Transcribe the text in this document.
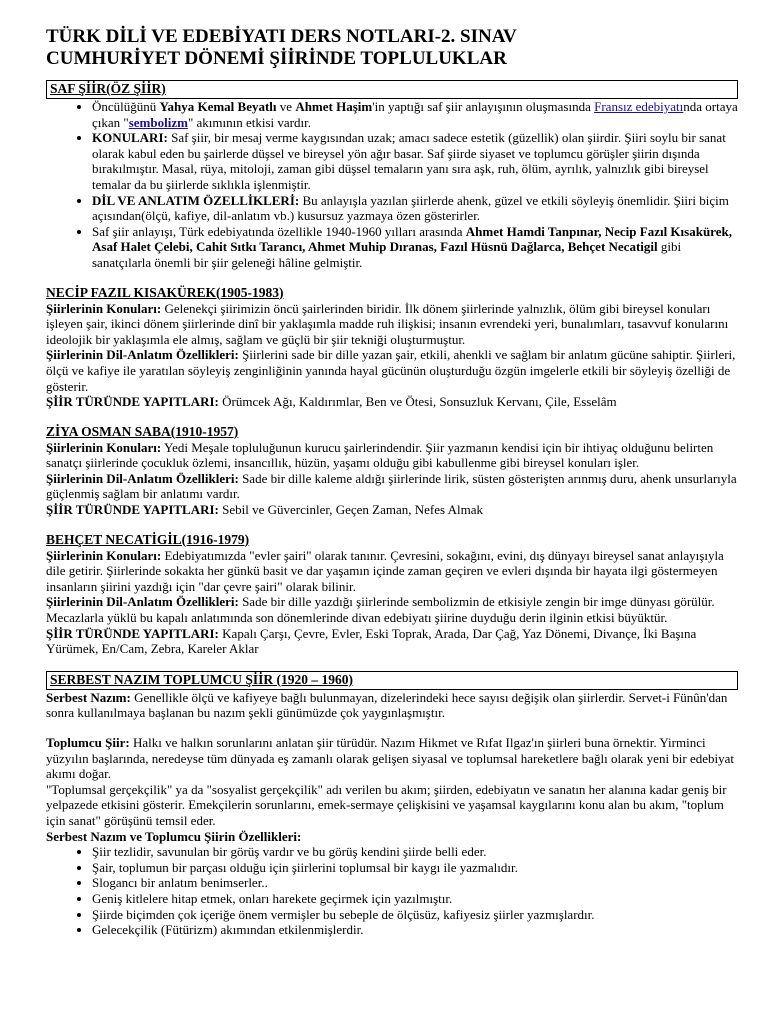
TÜRK DİLİ VE EDEBİYATI DERS NOTLARI-2. SINAV

CUMHURİYET DÖNEMİ ŞİİRİNDE TOPLULUKLAR

SAF ŞİİR(ÖZ ŞİİR)
• Öncülüğünü Yahya Kemal Beyatlı ve Ahmet Haşim'in yaptığı saf şiir anlayışının oluşmasında Fransız edebiyatında ortaya çıkan "sembolizm" akımının etkisi vardır.
• KONULARI: Saf şiir, bir mesaj verme kaygısından uzak; amacı sadece estetik (güzellik) olan şiirdir. Şiiri soylu bir sanat olarak kabul eden bu şairlerde düşsel ve bireysel yön ağır basar. Saf şiirde siyaset ve toplumcu görüşler şiirin dışında bırakılmıştır. Masal, rüya, mitoloji, zaman gibi düşsel temaların yanı sıra aşk, ruh, ölüm, ayrılık, yalnızlık gibi bireysel temalar da bu şiirlerde sıklıkla işlenmiştir.
• DİL VE ANLATIM ÖZELLİKLERİ: Bu anlayışla yazılan şiirlerde ahenk, güzel ve etkili söyleyiş önemlidir. Şiiri biçim açısından(ölçü, kafiye, dil-anlatım vb.) kusursuz yazmaya özen gösterirler.
• Saf şiir anlayışı, Türk edebiyatında özellikle 1940-1960 yılları arasında Ahmet Hamdi Tanpınar, Necip Fazıl Kısakürek, Asaf Halet Çelebi, Cahit Sıtkı Tarancı, Ahmet Muhip Dıranas, Fazıl Hüsnü Dağlarca, Behçet Necatigil gibi sanatçılarla önemli bir şiir geleneği hâline gelmiştir.

NECİP FAZIL KISAKÜREK(1905-1983)

Şiirlerinin Konuları: Gelenekçi şiirimizin öncü şairlerinden biridir. İlk dönem şiirlerinde yalnızlık, ölüm gibi bireysel konuları işleyen şair, ikinci dönem şiirlerinde dinî bir yaklaşımla madde ruh ilişkisi; insanın evrendeki yeri, bunalımları, tasavvuf konularını ideolojik bir yaklaşımla ele almış, sağlam ve güçlü bir şiir tekniği oluşturmuştur.

Şiirlerinin Dil-Anlatım Özellikleri: Şiirlerini sade bir dille yazan şair, etkili, ahenkli ve sağlam bir anlatım gücüne sahiptir. Şiirleri, ölçü ve kafiye ile yaratılan söyleyiş zenginliğinin yanında hayal gücünün oluşturduğu özgün imgelerle etkili bir söyleyiş özelliği de gösterir.

ŞİİR TÜRÜNDE YAPITLARI: Örümcek Ağı, Kaldırımlar, Ben ve Ötesi, Sonsuzluk Kervanı, Çile, Esselâm

ZİYA OSMAN SABA(1910-1957)

Şiirlerinin Konuları: Yedi Meşale topluluğunun kurucu şairlerindendir. Şiir yazmanın kendisi için bir ihtiyaç olduğunu belirten sanatçı şiirlerinde çocukluk özlemi, insancıllık, hüzün, yaşamı olduğu gibi kabullenme gibi bireysel konuları işler.

Şiirlerinin Dil-Anlatım Özellikleri: Sade bir dille kaleme aldığı şiirlerinde lirik, süsten gösterişten arınmış duru, ahenk unsurlarıyla güçlenmiş sağlam bir anlatımı vardır.

ŞİİR TÜRÜNDE YAPITLARI: Sebil ve Güvercinler, Geçen Zaman, Nefes Almak

BEHÇET NECATİGİL(1916-1979)

Şiirlerinin Konuları: Edebiyatımızda "evler şairi" olarak tanınır. Çevresini, sokağını, evini, dış dünyayı bireysel sanat anlayışıyla dile getirir. Şiirlerinde sokakta her günkü basit ve dar yaşamın içinde zaman geçiren ve evleri dışında bir hayata ilgi göstermeyen insanların şiirini yazdığı için "dar çevre şairi" olarak bilinir.

Şiirlerinin Dil-Anlatım Özellikleri: Sade bir dille yazdığı şiirlerinde sembolizmin de etkisiyle zengin bir imge dünyası görülür. Mecazlarla yüklü bu kapalı anlatımında son dönemlerinde divan edebiyatı şiirine duyduğu derin ilginin etkisi büyüktür.

ŞİİR TÜRÜNDE YAPITLARI: Kapalı Çarşı, Çevre, Evler, Eski Toprak, Arada, Dar Çağ, Yaz Dönemi, Divançe, İki Başına Yürümek, En/Cam, Zebra, Kareler Aklar

SERBEST NAZIM TOPLUMCU ŞİİR (1920 – 1960)

Serbest Nazım: Genellikle ölçü ve kafiyeye bağlı bulunmayan, dizelerindeki hece sayısı değişik olan şiirlerdir. Servet-i Fünûn'dan sonra kullanılmaya başlanan bu nazım şekli günümüzde çok yaygınlaşmıştır.

Toplumcu Şiir: Halkı ve halkın sorunlarını anlatan şiir türüdür. Nazım Hikmet ve Rıfat Ilgaz'ın şiirleri buna örnektir. Yirminci yüzyılın başlarında, neredeyse tüm dünyada eş zamanlı olarak gelişen siyasal ve toplumsal hareketlere bağlı olarak yeni bir edebiyat akımı doğar.

"Toplumsal gerçekçilik" ya da "sosyalist gerçekçilik" adı verilen bu akım; şiirden, edebiyatın ve sanatın her alanına kadar geniş bir yelpazede etkisini gösterir. Emekçilerin sorunlarını, emek-sermaye çelişkisini ve yaşamsal kaygılarını konu alan bu akım, "toplum için sanat" görüşünü temsil eder.

Serbest Nazım ve Toplumcu Şiirin Özellikleri:

• Şiir tezlidir, savunulan bir görüş vardır ve bu görüş kendini şiirde belli eder.
• Şair, toplumun bir parçası olduğu için şiirlerini toplumsal bir kaygı ile yazmalıdır.
• Slogancı bir anlatım benimserler..
• Geniş kitlelere hitap etmek, onları harekete geçirmek için yazılmıştır.
• Şiirde biçimden çok içeriğe önem vermişler bu sebeple de ölçüsüz, kafiyesiz şiirler yazmışlardır.
• Gelecekçilik (Fütürizm) akımından etkilenmişlerdir.
